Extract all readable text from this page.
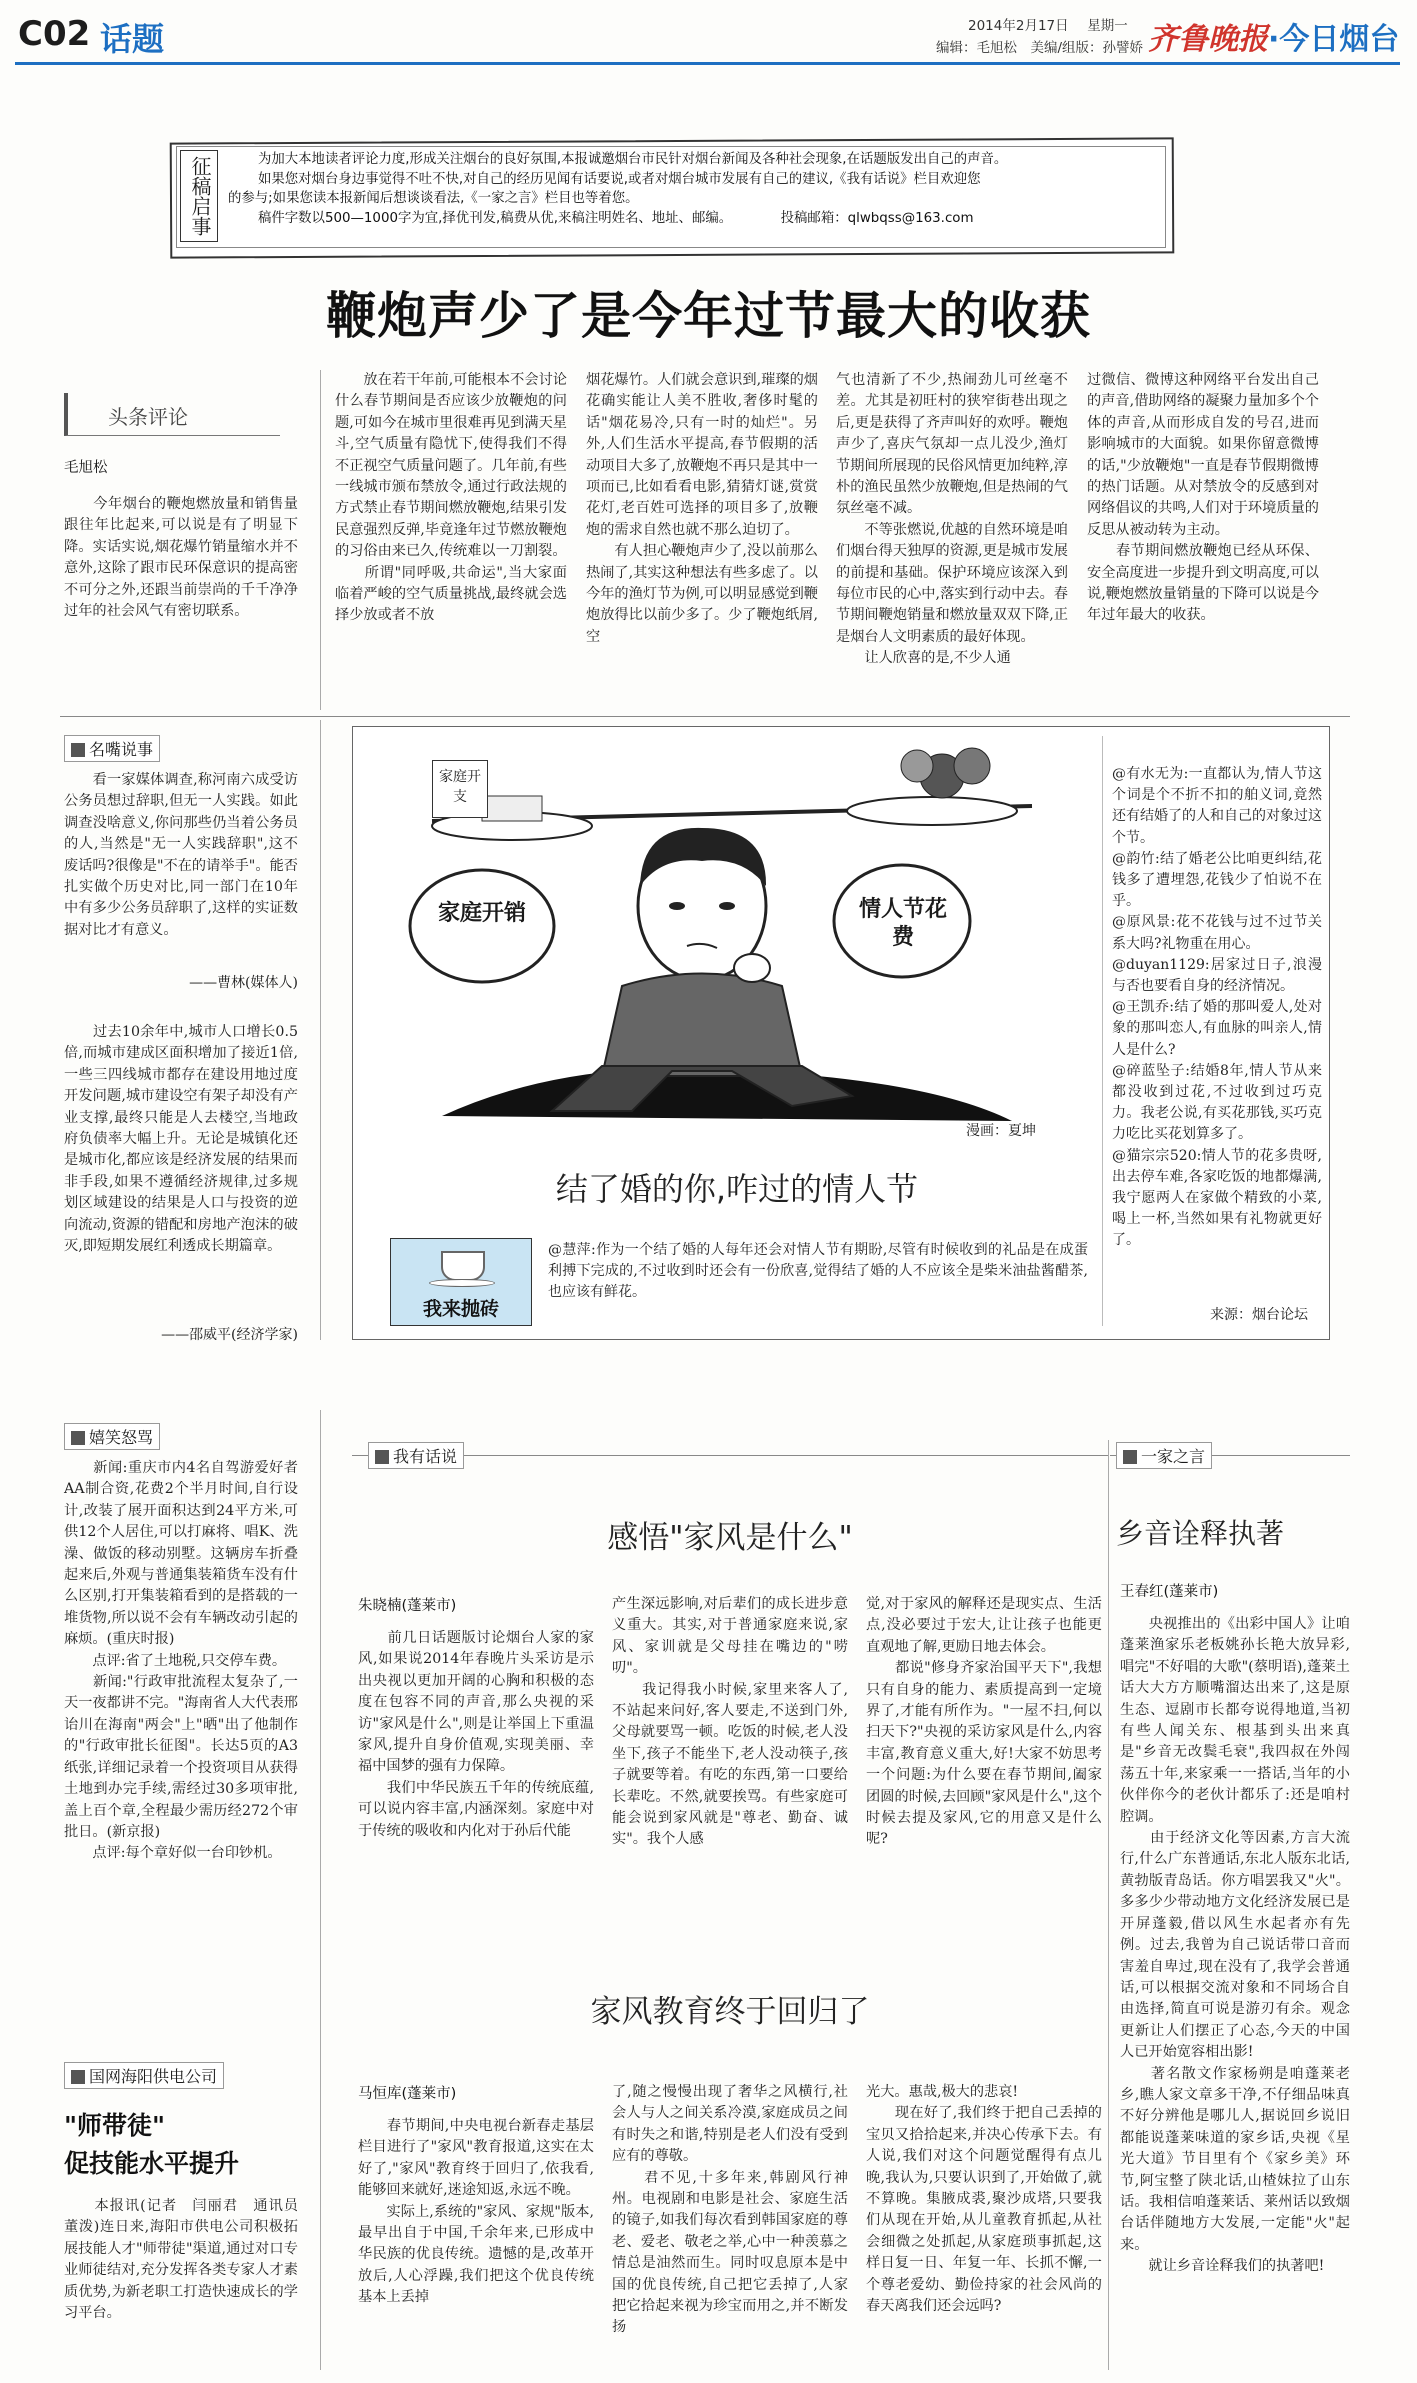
C02 话题	2014年2月17日 星期一
编辑：毛旭松　美编/组版：孙譬娇 齐鲁晚报·今日烟台
征稿启事	为加大本地读者评论力度,形成关注烟台的良好氛围,本报诚邀烟台市民针对烟台新闻及各种社会现象,在话题版发出自己的声音。
如果您对烟台身边事觉得不吐不快,对自己的经历见闻有话要说,或者对烟台城市发展有自己的建议,《我有话说》栏目欢迎您
的参与;如果您读本报新闻后想谈谈看法,《一家之言》栏目也等着您。
稿件字数以500—1000字为宜,择优刊发,稿费从优,来稿注明姓名、地址、邮编。	投稿邮箱：qlwbqss@163.com
鞭炮声少了是今年过节最大的收获
头条评论
毛旭松
　　今年烟台的鞭炮燃放量和销售量跟往年比起来,可以说是有了明显下降。实话实说,烟花爆竹销量缩水并不意外,这除了跟市民环保意识的提高密不可分之外,还跟当前崇尚的千千净净过年的社会风气有密切联系。
　　放在若干年前,可能根本不会讨论什么春节期间是否应该少放鞭炮的问题,可如今在城市里很难再见到满天星斗,空气质量有隐忧下,使得我们不得不正视空气质量问题了。几年前,有些一线城市颁布禁放令,通过行政法规的方式禁止春节期间燃放鞭炮,结果引发民意强烈反弹,毕竟逢年过节燃放鞭炮的习俗由来已久,传统难以一刀割裂。
　　所谓"同呼吸,共命运",当大家面临着严峻的空气质量挑战,最终就会选择少放或者不放
烟花爆竹。人们就会意识到,璀璨的烟花确实能让人美不胜收,奢侈时髦的话"烟花易冷,只有一时的灿烂"。另外,人们生活水平提高,春节假期的活动项目大多了,放鞭炮不再只是其中一项而已,比如看看电影,猜猜灯谜,赏赏花灯,老百姓可选择的项目多了,放鞭炮的需求自然也就不那么迫切了。
　　有人担心鞭炮声少了,没以前那么热闹了,其实这种想法有些多虑了。以今年的渔灯节为例,可以明显感觉到鞭炮放得比以前少多了。少了鞭炮纸屑,空
气也清新了不少,热闹劲儿可丝毫不差。尤其是初旺村的狭窄街巷出现之后,更是获得了齐声叫好的欢呼。鞭炮声少了,喜庆气氛却一点儿没少,渔灯节期间所展现的民俗风情更加纯粹,淳朴的渔民虽然少放鞭炮,但是热闹的气氛丝毫不减。
　　不等张燃说,优越的自然环境是咱们烟台得天独厚的资源,更是城市发展的前提和基础。保护环境应该深入到每位市民的心中,落实到行动中去。春节期间鞭炮销量和燃放量双双下降,正是烟台人文明素质的最好体现。
　　让人欣喜的是,不少人通
过微信、微博这种网络平台发出自己的声音,借助网络的凝聚力量加多个个体的声音,从而形成自发的号召,进而影响城市的大面貌。如果你留意微博的话,"少放鞭炮"一直是春节假期微博的热门话题。从对禁放令的反感到对网络倡议的共鸣,人们对于环境质量的反思从被动转为主动。
　　春节期间燃放鞭炮已经从环保、安全高度进一步提升到文明高度,可以说,鞭炮燃放量销量的下降可以说是今年过年最大的收获。
名嘴说事
　　看一家媒体调查,称河南六成受访公务员想过辞职,但无一人实践。如此调查没啥意义,你问那些仍当着公务员的人,当然是"无一人实践辞职",这不废话吗?很像是"不在的请举手"。能否扎实做个历史对比,同一部门在10年中有多少公务员辞职了,这样的实证数据对比才有意义。
——曹林(媒体人)
　　过去10余年中,城市人口增长0.5倍,而城市建成区面积增加了接近1倍,一些三四线城市都存在建设用地过度开发问题,城市建设空有架子却没有产业支撑,最终只能是人去楼空,当地政府负债率大幅上升。无论是城镇化还是城市化,都应该是经济发展的结果而非手段,如果不遵循经济规律,过多规划区域建设的结果是人口与投资的逆向流动,资源的错配和房地产泡沫的破灭,即短期发展红利透成长期篇章。
——邵威平(经济学家)
家庭开支
家庭开销	情人节花费
漫画：夏坤
结了婚的你,咋过的情人节
我来抛砖
@慧萍:作为一个结了婚的人每年还会对情人节有期盼,尽管有时候收到的礼品是在成蛋利搏下完成的,不过收到时还会有一份欣喜,觉得结了婚的人不应该全是柴米油盐酱醋茶,也应该有鲜花。
@有水无为:一直都认为,情人节这个词是个不折不扣的舶义词,竟然还有结婚了的人和自己的对象过这个节。
@韵竹:结了婚老公比咱更纠结,花钱多了遭埋怨,花钱少了怕说不在乎。
@原风景:花不花钱与过不过节关系大吗?礼物重在用心。
@duyan1129:居家过日子,浪漫与否也要看自身的经济情况。
@王凯乔:结了婚的那叫爱人,处对象的那叫恋人,有血脉的叫亲人,情人是什么?
@碎蓝坠子:结婚8年,情人节从来都没收到过花,不过收到过巧克力。我老公说,有买花那钱,买巧克力吃比买花划算多了。
@猫宗宗520:情人节的花多贵呀,出去停车难,各家吃饭的地都爆满,我宁愿两人在家做个精致的小菜,喝上一杯,当然如果有礼物就更好了。
来源：烟台论坛
嬉笑怒骂
　　新闻:重庆市内4名自驾游爱好者AA制合资,花费2个半月时间,自行设计,改装了展开面积达到24平方米,可供12个人居住,可以打麻将、唱K、洗澡、做饭的移动别墅。这辆房车折叠起来后,外观与普通集装箱货车没有什么区别,打开集装箱看到的是搭载的一堆货物,所以说不会有车辆改动引起的麻烦。(重庆时报)
　　点评:省了土地税,只交停车费。
　　新闻:"行政审批流程太复杂了,一天一夜都讲不完。"海南省人大代表邢诒川在海南"两会"上"晒"出了他制作的"行政审批长征图"。长达5页的A3纸张,详细记录着一个投资项目从获得土地到办完手续,需经过30多项审批,盖上百个章,全程最少需历经272个审批日。(新京报)
　　点评:每个章好似一台印钞机。
我有话说
感悟"家风是什么"
朱晓楠(蓬莱市)
　　前几日话题版讨论烟台人家的家风,如果说2014年春晚片头采访是示出央视以更加开阔的心胸和积极的态度在包容不同的声音,那么央视的采访"家风是什么",则是让举国上下重温家风,提升自身价值观,实现美丽、幸福中国梦的强有力保障。
　　我们中华民族五千年的传统底蕴,可以说内容丰富,内涵深刻。家庭中对于传统的吸收和内化对于孙后代能
产生深远影响,对后辈们的成长进步意义重大。其实,对于普通家庭来说,家风、家训就是父母挂在嘴边的"唠叨"。
　　我记得我小时候,家里来客人了,不站起来问好,客人要走,不送到门外,父母就要骂一顿。吃饭的时候,老人没坐下,孩子不能坐下,老人没动筷子,孩子就要等着。有吃的东西,第一口要给长辈吃。不然,就要挨骂。有些家庭可能会说到家风就是"尊老、勤奋、诚实"。我个人感
觉,对于家风的解释还是现实点、生活点,没必要过于宏大,让让孩子也能更直观地了解,更励日地去体会。
　　都说"修身齐家治国平天下",我想只有自身的能力、素质提高到一定境界了,才能有所作为。"一屋不扫,何以扫天下?"央视的采访家风是什么,内容丰富,教育意义重大,好!大家不妨思考一个问题:为什么要在春节期间,阖家团圆的时候,去回顾"家风是什么",这个时候去提及家风,它的用意又是什么呢?
家风教育终于回归了
马恒库(蓬莱市)
　　春节期间,中央电视台新春走基层栏目进行了"家风"教育报道,这实在太好了,"家风"教育终于回归了,依我看,能够回来就好,迷途知返,永远不晚。
　　实际上,系统的"家风、家规"版本,最早出自于中国,千余年来,已形成中华民族的优良传统。遗憾的是,改革开放后,人心浮躁,我们把这个优良传统基本上丢掉
了,随之慢慢出现了奢华之风横行,社会人与人之间关系冷漠,家庭成员之间有时失之和谐,特别是老人们没有受到应有的尊敬。
　　君不见,十多年来,韩剧风行神州。电视剧和电影是社会、家庭生活的镜子,如我们每次看到韩国家庭的尊老、爱老、敬老之举,心中一种羡慕之情总是油然而生。同时叹息原本是中国的优良传统,自己把它丢掉了,人家把它拾起来视为珍宝而用之,并不断发扬
光大。惠哉,极大的悲哀!
　　现在好了,我们终于把自己丢掉的宝贝又拾拾起来,并决心传承下去。有人说,我们对这个问题觉醒得有点儿晚,我认为,只要认识到了,开始做了,就不算晚。集腋成裘,聚沙成塔,只要我们从现在开始,从儿童教育抓起,从社会细微之处抓起,从家庭琐事抓起,这样日复一日、年复一年、长抓不懈,一个尊老爱幼、勤俭持家的社会风尚的春天离我们还会远吗?
一家之言
乡音诠释执著
王春红(蓬莱市)
　　央视推出的《出彩中国人》让咱蓬莱渔家乐老板姚孙长艳大放异彩,唱完"不好唱的大歌"(蔡明语),蓬莱土话大大方方顺嘴溜达出来了,这是原生态、逗剧市长都夸说得地道,当初有些人闻关东、根基到头出来真是"乡音无改鬓毛衰",我四叔在外闯荡五十年,来家乘一一搭话,当年的小伙伴你今的老伙计都乐了:还是咱村腔调。
　　由于经济文化等因素,方言大流行,什么广东普通话,东北人版东北话,黄勃版青岛话。你方唱罢我又"火"。多多少少带动地方文化经济发展已是开屏蓬毅,借以风生水起者亦有先例。过去,我曾为自己说话带口音而害羞自卑过,现在没有了,我学会普通话,可以根据交流对象和不同场合自由选择,简直可说是游刃有余。观念更新让人们摆正了心态,今天的中国人已开始宽容相出影!
　　著名散文作家杨朔是咱蓬莱老乡,瞧人家文章多干净,不仔细品味真不好分辨他是哪儿人,据说回乡说旧都能说蓬莱味道的家乡话,央视《星光大道》节目里有个《家乡美》环节,阿宝整了陕北话,山楂妹拉了山东话。我相信咱蓬莱话、莱州话以致烟台话伴随地方大发展,一定能"火"起来。
　　就让乡音诠释我们的执著吧!
国网海阳供电公司
"师带徒"
促技能水平提升
　　本报讯(记者　闫丽君　通讯员　董泼)连日来,海阳市供电公司积极拓展技能人才"师带徒"渠道,通过对口专业师徒结对,充分发挥各类专家人才素质优势,为新老职工打造快速成长的学习平台。
